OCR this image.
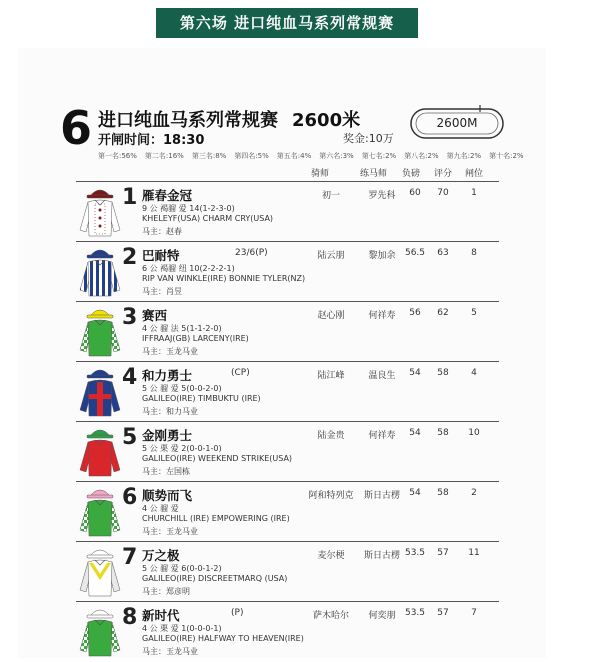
第六场 进口纯血马系列常规赛
6 进口纯血马系列常规赛 2600米
开闸时间：18:30	奖金:10万
2600M
第一名:56% 第二名:16% 第三名:8% 第四名:5% 第五名:4% 第六名:3% 第七名:2% 第八名:2% 第九名:2% 第十名:2%
骑师	练马师 负磅 评分 闸位
1 雁春金冠	初一	罗先科	60	70	1
9 公 褐骝 爱 14(1-2-3-0)
KHELEYF(USA) CHARM CRY(USA)
马主：赵春
2 巴耐特	23/6(P)	陆云朋	黎加余	56.5	63	8
6 公 褐骝 纽 10(2-2-2-1)
RIP VAN WINKLE(IRE) BONNIE TYLER(NZ)
马主：肖昱
3 赛西	赵心刚	何祥寿	56	62	5
4 公 骝 法 5(1-1-2-0)
IFFRAAJ(GB) LARCENY(IRE)
马主：玉龙马业
4 和力勇士	(CP)	陆江峰	温良生	54	58	4
5 公 骝 爱 5(0-0-2-0)
GALILEO(IRE) TIMBUKTU (IRE)
马主：和力马业
5 金刚勇士	陆金贵	何祥寿	54	58	10
5 公 栗 爱 2(0-0-1-0)
GALILEO(IRE) WEEKEND STRIKE(USA)
马主：左国栋
6 顺势而飞	阿和特列克	斯日古楞	54	58	2
4 公 骝 爱
CHURCHILL (IRE) EMPOWERING (IRE)
马主：玉龙马业
7 万之极	麦尔梗	斯日古楞 53.5	57	11
5 公 骝 爱 6(0-0-1-2)
GALILEO(IRE) DISCREETMARQ (USA)
马主：郑彦明
8 新时代	(P)	萨木哈尔	何奕朋	53.5	57	7
4 公 栗 爱 1(0-0-0-1)
GALILEO(IRE) HALFWAY TO HEAVEN(IRE)
马主：玉龙马业
